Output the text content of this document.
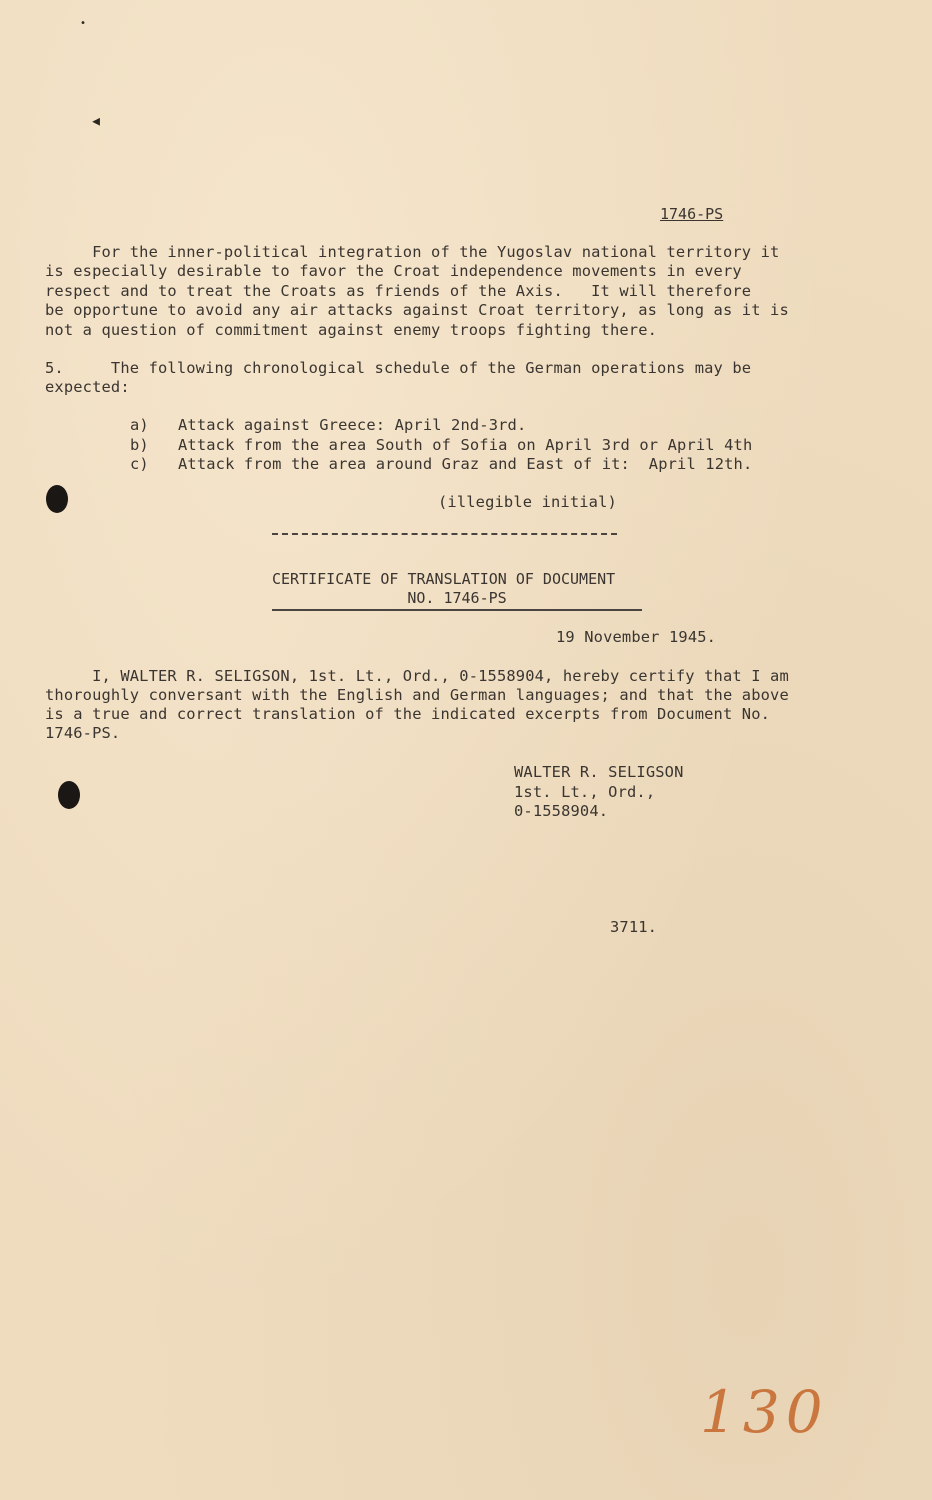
•
◂
1746-PS
For the inner-political integration of the Yugoslav national territory it
is especially desirable to favor the Croat independence movements in every
respect and to treat the Croats as friends of the Axis.   It will therefore
be opportune to avoid any air attacks against Croat territory, as long as it is
not a question of commitment against enemy troops fighting there.
5.     The following chronological schedule of the German operations may be
expected:
a) Attack against Greece: April 2nd-3rd.
b) Attack from the area South of Sofia on April 3rd or April 4th
c) Attack from the area around Graz and East of it:  April 12th.
(illegible initial)
CERTIFICATE OF TRANSLATION OF DOCUMENT
NO. 1746-PS
19 November 1945.
I, WALTER R. SELIGSON, 1st. Lt., Ord., 0-1558904, hereby certify that I am
thoroughly conversant with the English and German languages; and that the above
is a true and correct translation of the indicated excerpts from Document No.
1746-PS.
WALTER R. SELIGSON
1st. Lt., Ord.,
0-1558904.
3711.
130
